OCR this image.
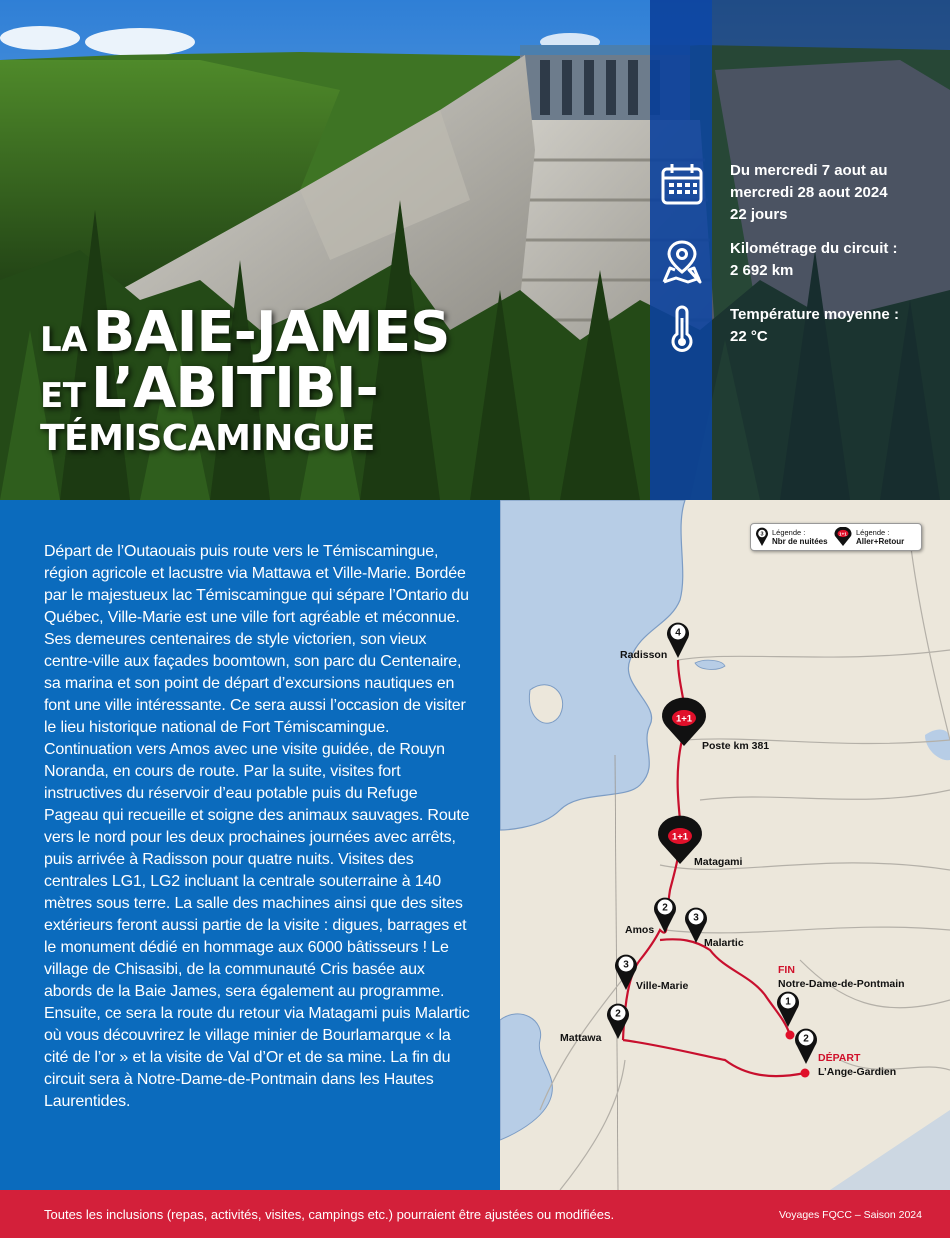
Du mercredi 7 aout au
mercredi 28 aout 2024
22 jours
Kilométrage du circuit :
2 692 km
Température moyenne :
22 °C
LA BAIE-JAMES
ET L’ABITIBI-
TÉMISCAMINGUE
Départ de l’Outaouais puis route vers le Témiscamingue, région agricole et lacustre via Mattawa et Ville-Marie. Bordée par le majestueux lac Témiscamingue qui sépare l’Ontario du Québec, Ville-Marie est une ville fort agréable et méconnue. Ses demeures centenaires de style victorien, son vieux centre-ville aux façades boomtown, son parc du Centenaire, sa marina et son point de départ d’excursions nautiques en font une ville intéressante. Ce sera aussi l’occasion de visiter le lieu historique national de Fort Témiscamingue. Continuation vers Amos avec une visite guidée, de Rouyn Noranda, en cours de route. Par la suite, visites fort instructives du réservoir d’eau potable puis du Refuge Pageau qui recueille et soigne des animaux sauvages. Route vers le nord pour les deux prochaines journées avec arrêts, puis arrivée à Radisson pour quatre nuits. Visites des centrales LG1, LG2 incluant la centrale souterraine à 140 mètres sous terre. La salle des machines ainsi que des sites extérieurs feront aussi partie de la visite : digues, barrages et le monument dédié en hommage aux 6000 bâtisseurs ! Le village de Chisasibi, de la communauté Cris basée aux abords de la Baie James, sera également au programme. Ensuite, ce sera la route du retour via Matagami puis Malartic où vous découvrirez le village minier de Bourlamarque « la cité de l’or » et la visite de Val d’Or et de sa mine. La fin du circuit sera à Notre-Dame-de-Pontmain dans les Hautes Laurentides.
4
1+1
1+1
2
3
3
2
1
2
Radisson
Poste km 381
Matagami
Amos
Malartic
Ville-Marie
Mattawa
FIN
Notre-Dame-de-Pontmain
DÉPART
L’Ange-Gardien
3 Légende :
Nbr de nuitées
1+1 Légende :
Aller+Retour
Toutes les inclusions (repas, activités, visites, campings etc.) pourraient être ajustées ou modifiées.	Voyages FQCC – Saison 2024
